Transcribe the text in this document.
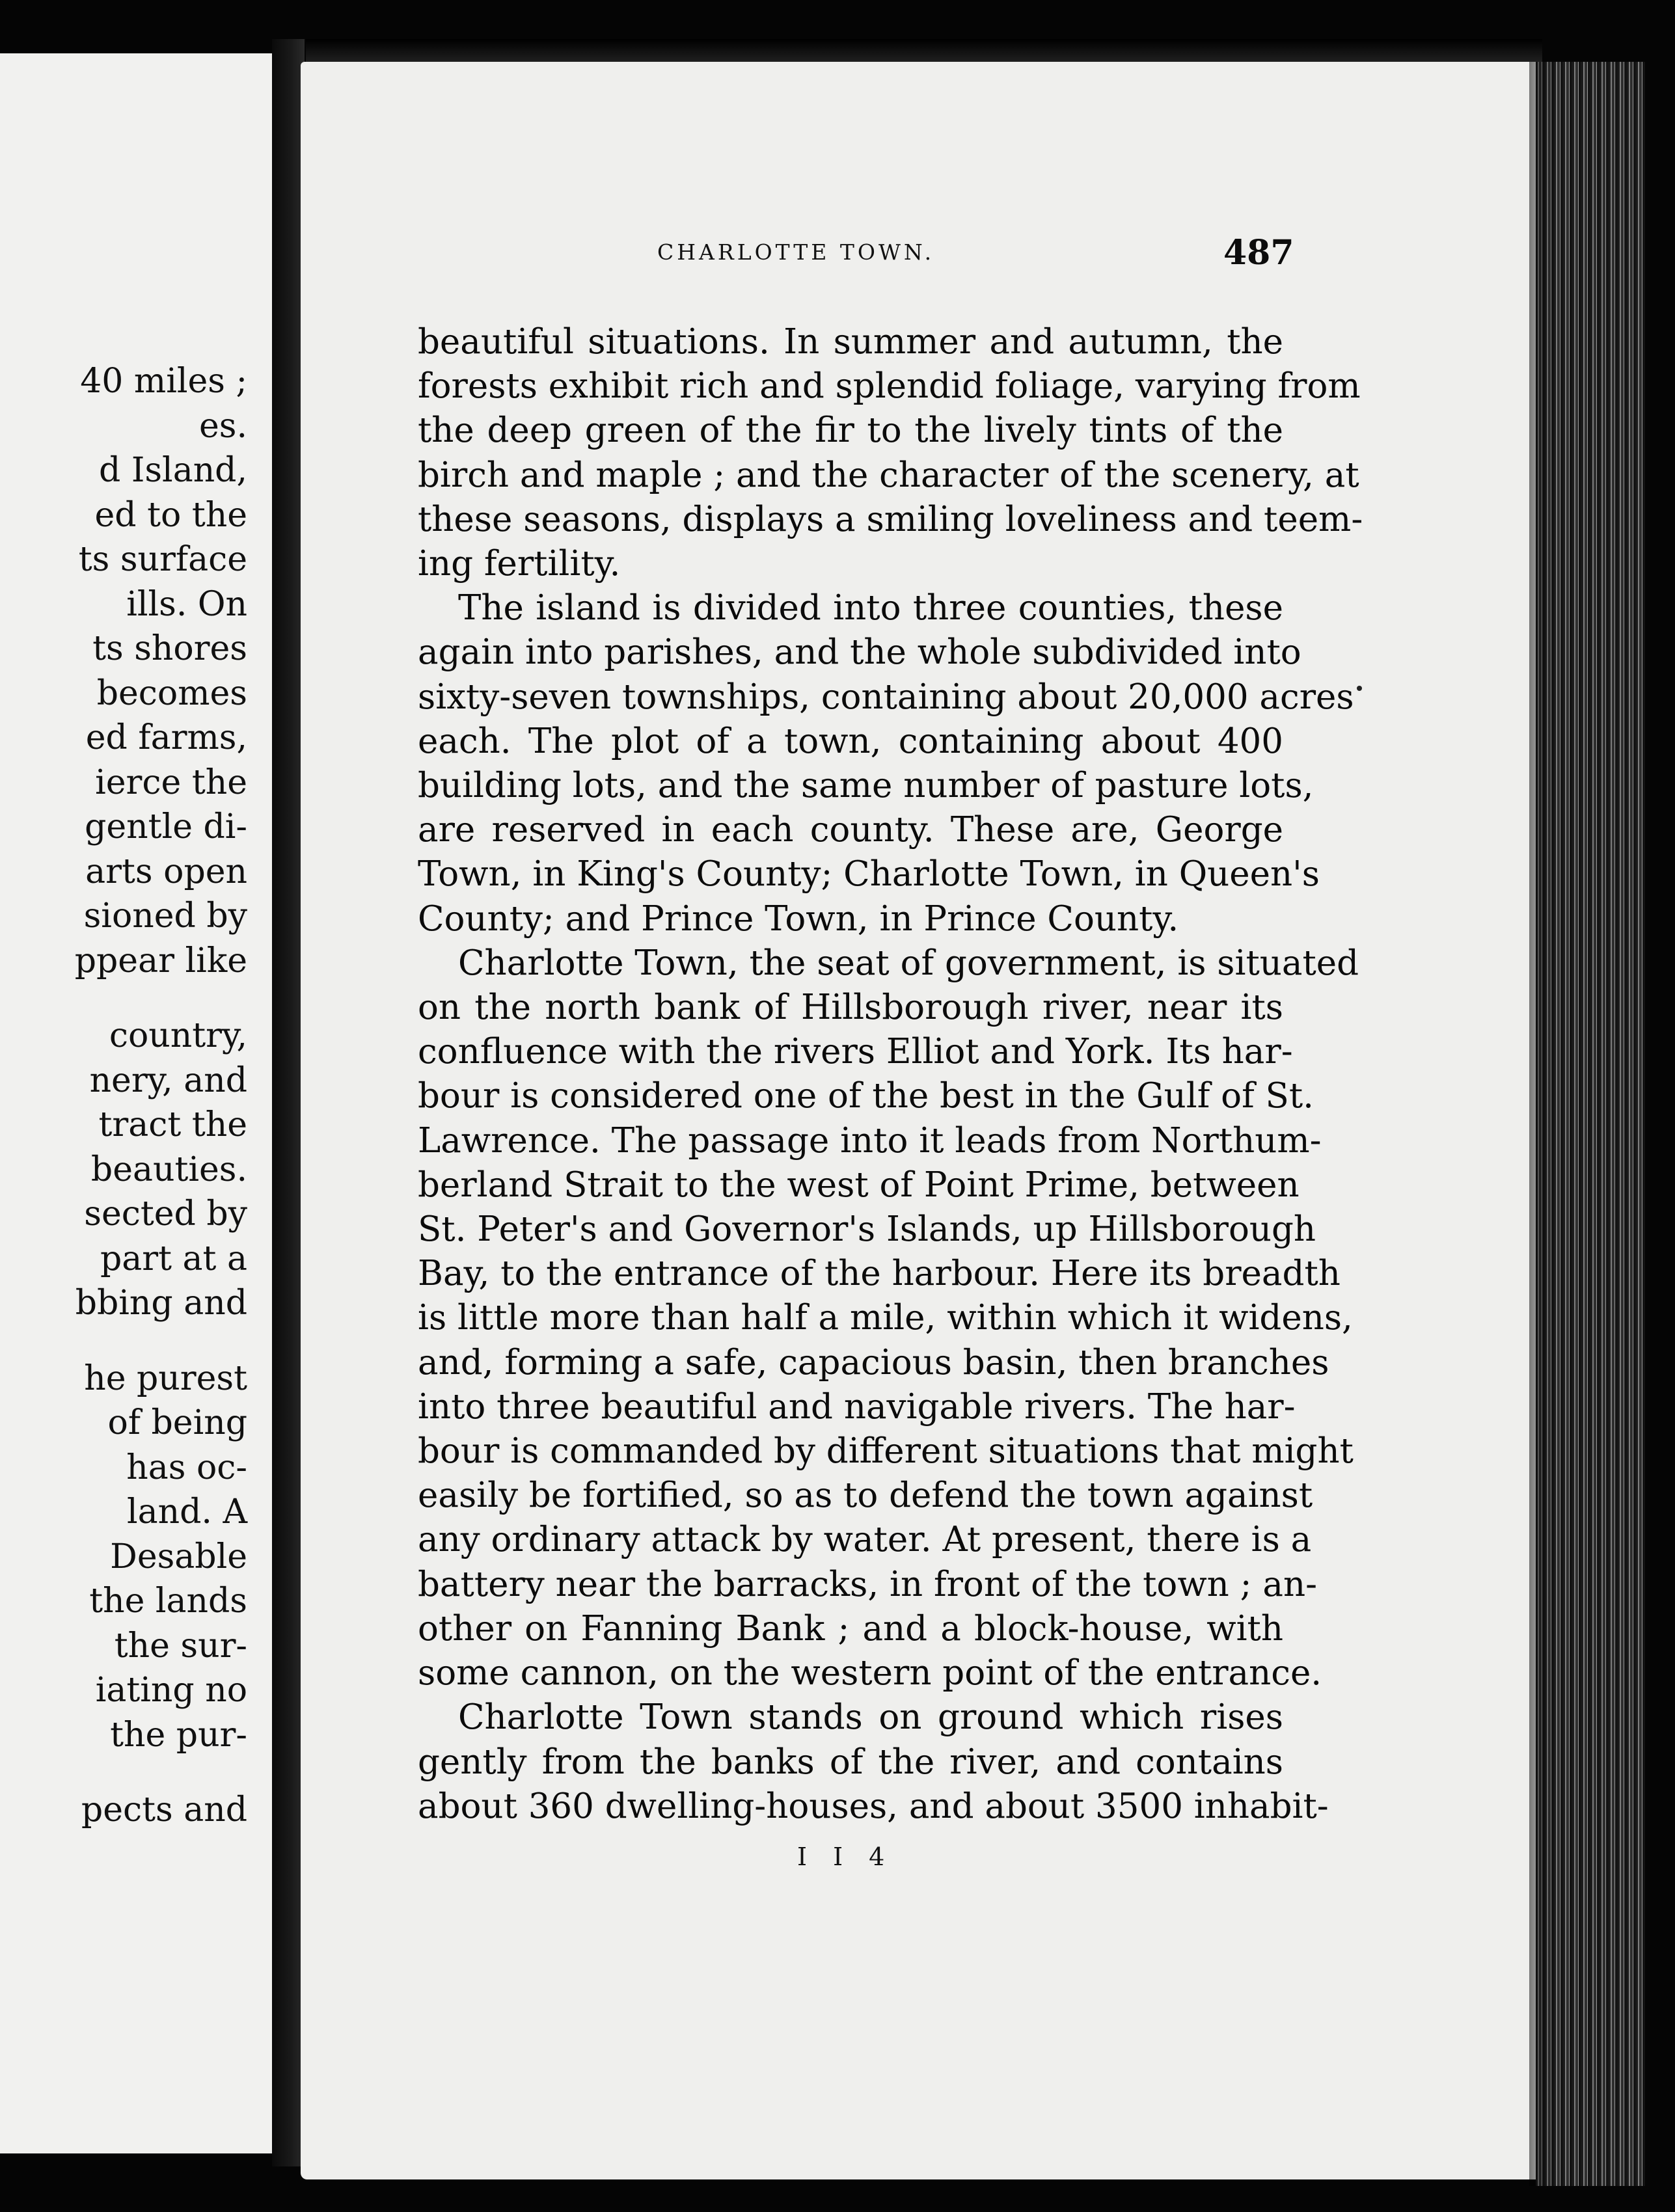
40 miles ;
es.
d Island,
ed to the
ts surface
ills. On
ts shores
becomes
ed farms,
ierce the
gentle di-
arts open
sioned by
ppear like
country,
nery, and
tract the
beauties.
sected by
part at a
bbing and
he purest
of being
has oc-
land. A
Desable
the lands
the sur-
iating no
the pur-
pects and
CHARLOTTE TOWN.	487
beautiful situations. In summer and autumn, the
forests exhibit rich and splendid foliage, varying from
the deep green of the fir to the lively tints of the
birch and maple ; and the character of the scenery, at
these seasons, displays a smiling loveliness and teem-
ing fertility.
The island is divided into three counties, these
again into parishes, and the whole subdivided into
sixty-seven townships, containing about 20,000 acres
each. The plot of a town, containing about 400
building lots, and the same number of pasture lots,
are reserved in each county. These are, George
Town, in King's County; Charlotte Town, in Queen's
County; and Prince Town, in Prince County.
Charlotte Town, the seat of government, is situated
on the north bank of Hillsborough river, near its
confluence with the rivers Elliot and York. Its har-
bour is considered one of the best in the Gulf of St.
Lawrence. The passage into it leads from Northum-
berland Strait to the west of Point Prime, between
St. Peter's and Governor's Islands, up Hillsborough
Bay, to the entrance of the harbour. Here its breadth
is little more than half a mile, within which it widens,
and, forming a safe, capacious basin, then branches
into three beautiful and navigable rivers. The har-
bour is commanded by different situations that might
easily be fortified, so as to defend the town against
any ordinary attack by water. At present, there is a
battery near the barracks, in front of the town ; an-
other on Fanning Bank ; and a block-house, with
some cannon, on the western point of the entrance.
Charlotte Town stands on ground which rises
gently from the banks of the river, and contains
about 360 dwelling-houses, and about 3500 inhabit-
I I 4
